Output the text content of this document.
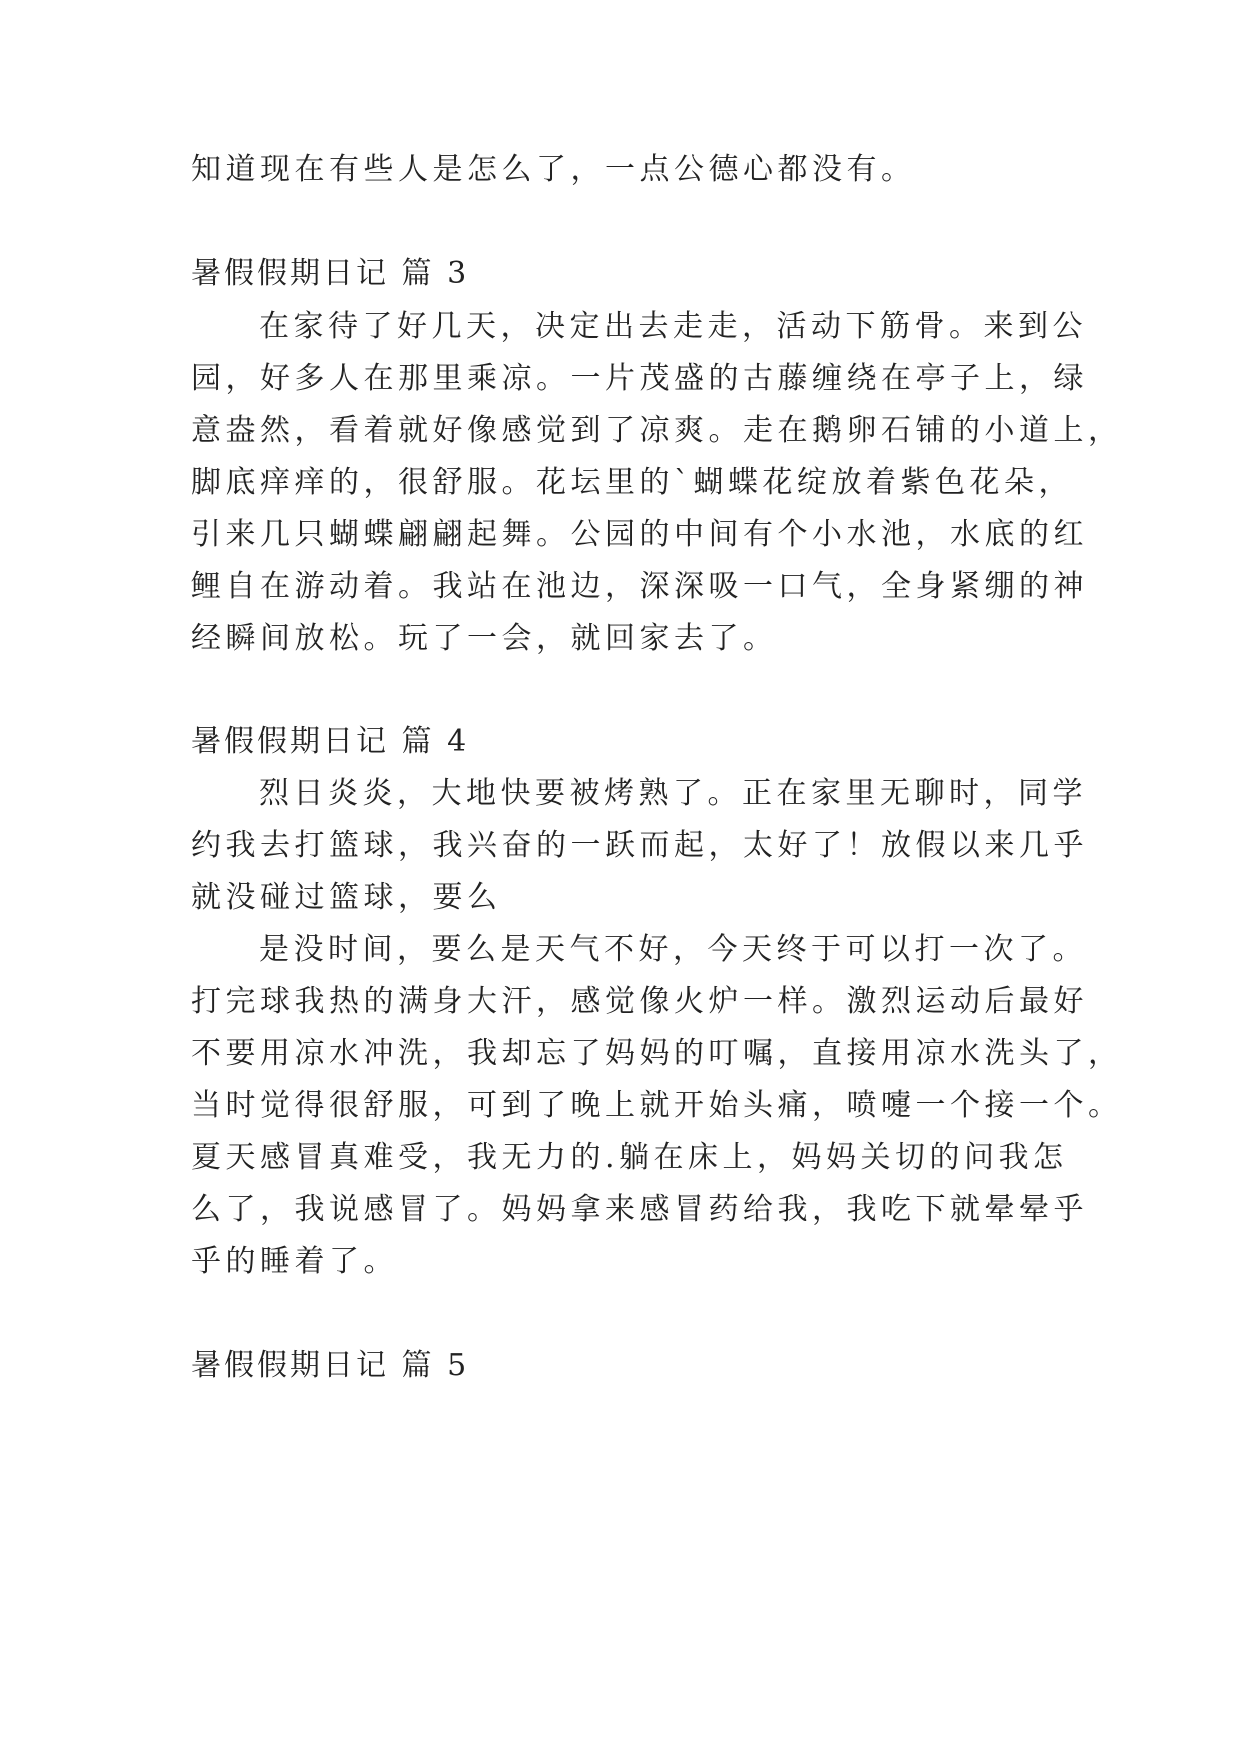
知道现在有些人是怎么了，一点公德心都没有。
暑假假期日记 篇 3
在家待了好几天，决定出去走走，活动下筋骨。来到公
园，好多人在那里乘凉。一片茂盛的古藤缠绕在亭子上，绿
意盎然，看着就好像感觉到了凉爽。走在鹅卵石铺的小道上，
脚底痒痒的，很舒服。花坛里的`蝴蝶花绽放着紫色花朵，
引来几只蝴蝶翩翩起舞。公园的中间有个小水池，水底的红
鲤自在游动着。我站在池边，深深吸一口气，全身紧绷的神
经瞬间放松。玩了一会，就回家去了。
暑假假期日记 篇 4
烈日炎炎，大地快要被烤熟了。正在家里无聊时，同学
约我去打篮球，我兴奋的一跃而起，太好了！放假以来几乎
就没碰过篮球，要么
是没时间，要么是天气不好，今天终于可以打一次了。
打完球我热的满身大汗，感觉像火炉一样。激烈运动后最好
不要用凉水冲洗，我却忘了妈妈的叮嘱，直接用凉水洗头了，
当时觉得很舒服，可到了晚上就开始头痛，喷嚏一个接一个。
夏天感冒真难受，我无力的.躺在床上，妈妈关切的问我怎
么了，我说感冒了。妈妈拿来感冒药给我，我吃下就晕晕乎
乎的睡着了。
暑假假期日记 篇 5
